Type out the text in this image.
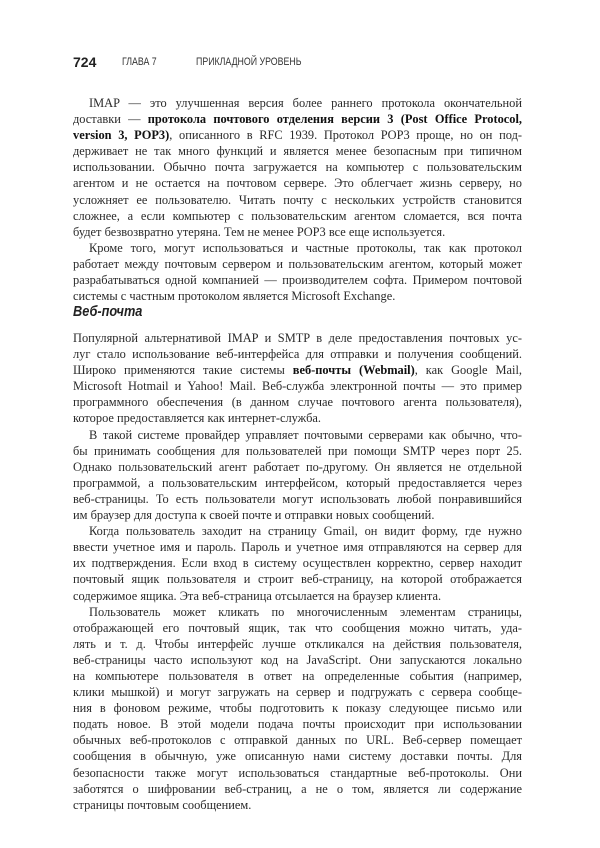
724 ГЛАВА 7	ПРИКЛАДНОЙ УРОВЕНЬ
IMAP — это улучшенная версия более раннего протокола окончательной
доставки — протокола почтового отделения версии 3 (Post Office Protocol,
version 3, POP3), описанного в RFC 1939. Протокол POP3 проще, но он под-
держивает не так много функций и является менее безопасным при типичном
использовании. Обычно почта загружается на компьютер с пользовательским
агентом и не остается на почтовом сервере. Это облегчает жизнь серверу, но
усложняет ее пользователю. Читать почту с нескольких устройств становится
сложнее, а если компьютер с пользовательским агентом сломается, вся почта
будет безвозвратно утеряна. Тем не менее POP3 все еще используется.
Кроме того, могут использоваться и частные протоколы, так как протокол
работает между почтовым сервером и пользовательским агентом, который может
разрабатываться одной компанией — производителем софта. Примером почтовой
системы с частным протоколом является Microsoft Exchange.
Веб-почта
Популярной альтернативой IMAP и SMTP в деле предоставления почтовых ус-
луг стало использование веб-интерфейса для отправки и получения сообщений.
Широко применяются такие системы веб-почты (Webmail), как Google Mail,
Microsoft Hotmail и Yahoo! Mail. Веб-служба электронной почты — это пример
программного обеспечения (в данном случае почтового агента пользователя),
которое предоставляется как интернет-служба.
В такой системе провайдер управляет почтовыми серверами как обычно, что-
бы принимать сообщения для пользователей при помощи SMTP через порт 25.
Однако пользовательский агент работает по-другому. Он является не отдельной
программой, а пользовательским интерфейсом, который предоставляется через
веб-страницы. То есть пользователи могут использовать любой понравившийся
им браузер для доступа к своей почте и отправки новых сообщений.
Когда пользователь заходит на страницу Gmail, он видит форму, где нужно
ввести учетное имя и пароль. Пароль и учетное имя отправляются на сервер для
их подтверждения. Если вход в систему осуществлен корректно, сервер находит
почтовый ящик пользователя и строит веб-страницу, на которой отображается
содержимое ящика. Эта веб-страница отсылается на браузер клиента.
Пользователь может кликать по многочисленным элементам страницы,
отображающей его почтовый ящик, так что сообщения можно читать, уда-
лять и т. д. Чтобы интерфейс лучше откликался на действия пользователя,
веб-страницы часто используют код на JavaScript. Они запускаются локально
на компьютере пользователя в ответ на определенные события (например,
клики мышкой) и могут загружать на сервер и подгружать с сервера сообще-
ния в фоновом режиме, чтобы подготовить к показу следующее письмо или
подать новое. В этой модели подача почты происходит при использовании
обычных веб-протоколов с отправкой данных по URL. Веб-сервер помещает
сообщения в обычную, уже описанную нами систему доставки почты. Для
безопасности также могут использоваться стандартные веб-протоколы. Они
заботятся о шифровании веб-страниц, а не о том, является ли содержание
страницы почтовым сообщением.
